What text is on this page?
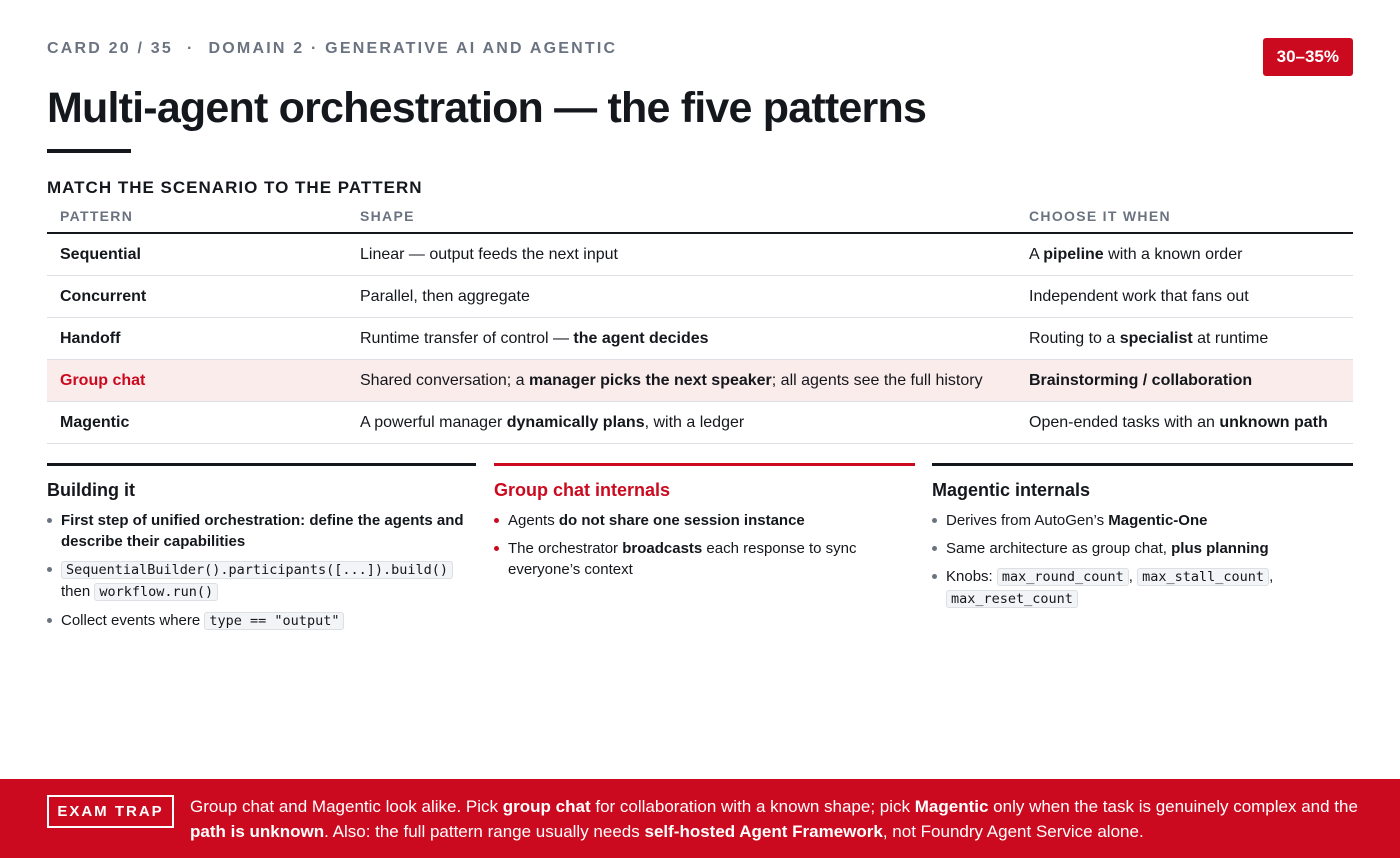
CARD 20 / 35 · DOMAIN 2 · GENERATIVE AI AND AGENTIC	30–35%
Multi-agent orchestration — the five patterns
MATCH THE SCENARIO TO THE PATTERN
PATTERN	SHAPE	CHOOSE IT WHEN
Sequential	Linear — output feeds the next input	A pipeline with a known order
Concurrent	Parallel, then aggregate	Independent work that fans out
Handoff	Runtime transfer of control — the agent decides	Routing to a specialist at runtime
Group chat	Shared conversation; a manager picks the next speaker; all agents see the full history	Brainstorming / collaboration
Magentic	A powerful manager dynamically plans, with a ledger	Open-ended tasks with an unknown path
Building it
First step of unified orchestration: define the agents and describe their capabilities
SequentialBuilder().participants([...]).build()
then workflow.run()
Collect events where type == "output"
Group chat internals
Agents do not share one session instance
The orchestrator broadcasts each response to sync everyone’s context
Magentic internals
Derives from AutoGen’s Magentic-One
Same architecture as group chat, plus planning
Knobs: max_round_count , max_stall_count ,
max_reset_count
EXAM TRAP	Group chat and Magentic look alike. Pick group chat for collaboration with a known shape; pick Magentic only when the task is genuinely complex and the path is unknown. Also: the full pattern range usually needs self-hosted Agent Framework, not Foundry Agent Service alone.
